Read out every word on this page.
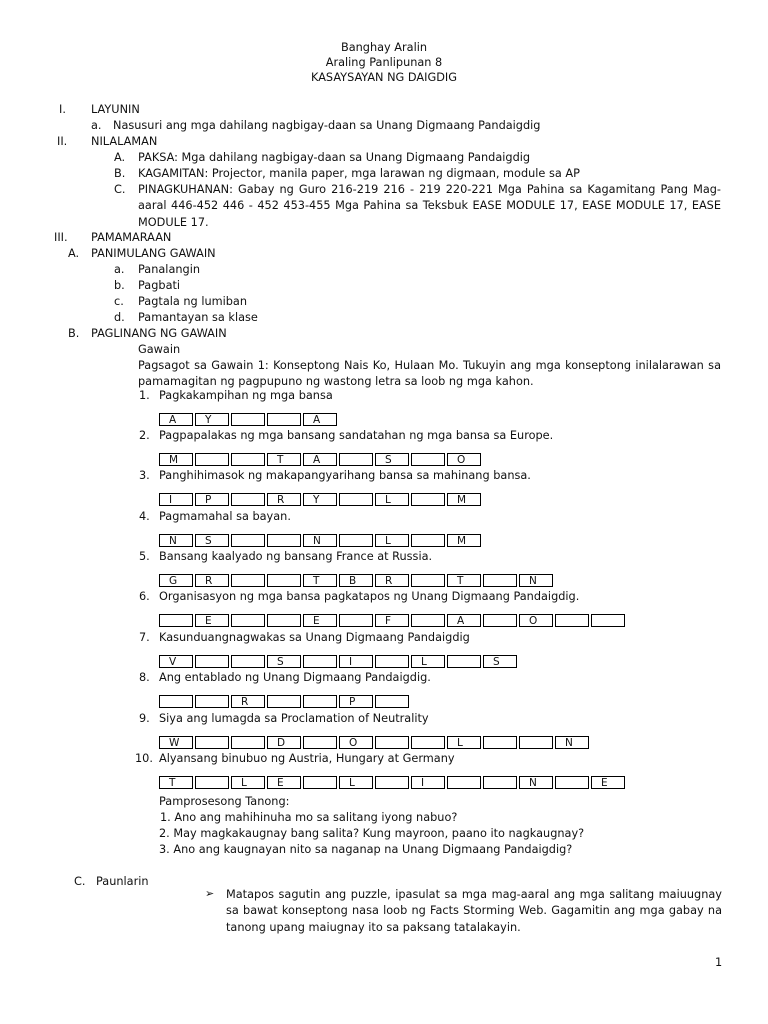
Banghay Aralin
Araling Panlipunan 8
KASAYSAYAN NG DAIGDIG
I. LAYUNIN
a. Nasusuri ang mga dahilang nagbigay-daan sa Unang Digmaang Pandaigdig
II. NILALAMAN
A. PAKSA: Mga dahilang nagbigay-daan sa Unang Digmaang Pandaigdig
B. KAGAMITAN: Projector, manila paper, mga larawan ng digmaan, module sa AP
C. PINAGKUHANAN: Gabay ng Guro 216-219 216 - 219 220-221 Mga Pahina sa Kagamitang Pang Mag-aaral 446-452 446 - 452 453-455 Mga Pahina sa Teksbuk EASE MODULE 17, EASE MODULE 17, EASE MODULE 17.
III. PAMAMARAAN
A. PANIMULANG GAWAIN
a. Panalangin
b. Pagbati
c. Pagtala ng lumiban
d. Pamantayan sa klase
B. PAGLINANG NG GAWAIN
Gawain
Pagsagot sa Gawain 1: Konseptong Nais Ko, Hulaan Mo. Tukuyin ang mga konseptong inilalarawan sa pamamagitan ng pagpupuno ng wastong letra sa loob ng mga kahon.
1. Pagkakampihan ng mga bansa
A	Y	A
2. Pagpapalakas ng mga bansang sandatahan ng mga bansa sa Europe.
M	T	A	S	O
3. Panghihimasok ng makapangyarihang bansa sa mahinang bansa.
I	P	R	Y	L	M
4. Pagmamahal sa bayan.
N	S	N	L	M
5. Bansang kaalyado ng bansang France at Russia.
G	R	T	B	R	T	N
6. Organisasyon ng mga bansa pagkatapos ng Unang Digmaang Pandaigdig.
E	E	F	A	O
7. Kasunduangnagwakas sa Unang Digmaang Pandaigdig
V	S	I	L	S
8. Ang entablado ng Unang Digmaang Pandaigdig.
R	P
9. Siya ang lumagda sa Proclamation of Neutrality
W	D	O	L	N
10. Alyansang binubuo ng Austria, Hungary at Germany
T	L	E	L	I	N	E
Pamprosesong Tanong:
1. Ano ang mahihinuha mo sa salitang iyong nabuo?
2. May magkakaugnay bang salita? Kung mayroon, paano ito nagkaugnay?
3. Ano ang kaugnayan nito sa naganap na Unang Digmaang Pandaigdig?
C. Paunlarin
➢ Matapos sagutin ang puzzle, ipasulat sa mga mag-aaral ang mga salitang maiuugnay sa bawat konseptong nasa loob ng Facts Storming Web. Gagamitin ang mga gabay na tanong upang maiugnay ito sa paksang tatalakayin.
1
